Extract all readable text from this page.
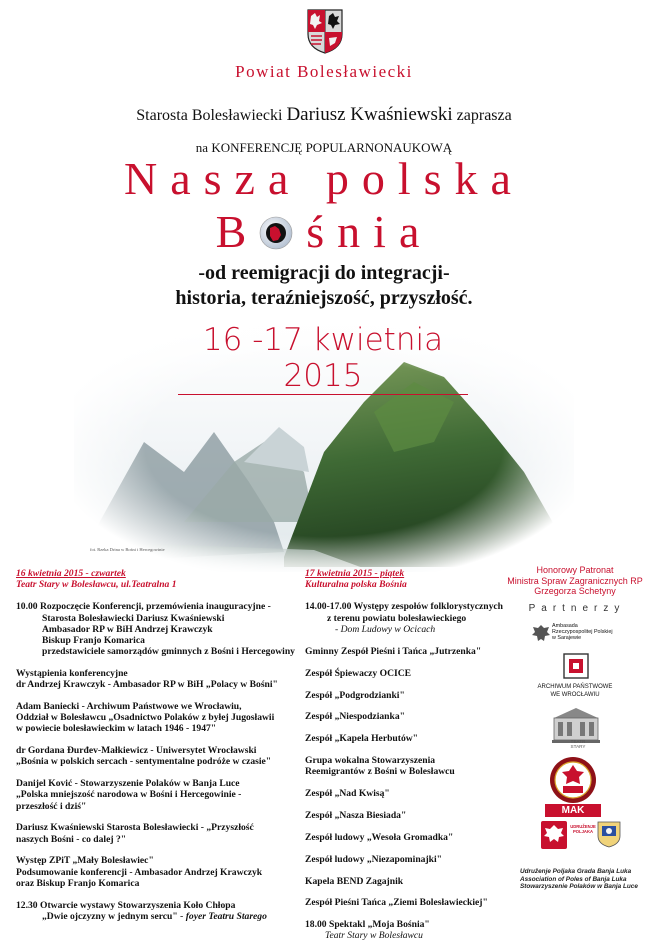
Powiat Bolesławiecki
Starosta Bolesławiecki Dariusz Kwaśniewski zaprasza
na KONFERENCJĘ POPULARNONAUKOWĄ
Nasza polska
B śnia
-od reemigracji do integracji-
historia, teraźniejszość, przyszłość.
16 -17 kwietnia 2015
fot. Rzeka Drina w Bośni i Hercegowinie
16 kwietnia 2015 - czwartek
Teatr Stary w Bolesławcu, ul.Teatralna 1

10.00 Rozpoczęcie Konferencji, przemówienia inauguracyjne -
Starosta Bolesławiecki Dariusz Kwaśniewski
Ambasador RP w BiH Andrzej Krawczyk
Biskup Franjo Komarica
przedstawiciele samorządów gminnych z Bośni i Hercegowiny

Wystąpienia konferencyjne
dr Andrzej Krawczyk - Ambasador RP w BiH „Polacy w Bośni"

Adam Baniecki - Archiwum Państwowe we Wrocławiu,
Oddział w Bolesławcu „Osadnictwo Polaków z byłej Jugosławii
w powiecie bolesławieckim w latach 1946 - 1947"

dr Gordana Đurđev-Małkiewicz - Uniwersytet Wrocławski
„Bośnia w polskich sercach - sentymentalne podróże w czasie"

Danijel Ković - Stowarzyszenie Polaków w Banja Luce
„Polska mniejszość narodowa w Bośni i Hercegowinie -
przeszłość i dziś"

Dariusz Kwaśniewski Starosta Bolesławiecki - „Przyszłość
naszych Bośni - co dalej ?"

Występ ZPiT „Mały Bolesławiec"
Podsumowanie konferencji - Ambasador Andrzej Krawczyk
oraz Biskup Franjo Komarica

12.30 Otwarcie wystawy Stowarzyszenia Koło Chłopa
„Dwie ojczyzny w jednym sercu" - foyer Teatru Starego
17 kwietnia 2015 - piątek
Kulturalna polska Bośnia
14.00-17.00 Występy zespołów folklorystycznych
z terenu powiatu bolesławieckiego
- Dom Ludowy w Ocicach

Gminny Zespół Pieśni i Tańca „Jutrzenka"

Zespół Śpiewaczy OCICE

Zespół „Podgrodzianki"

Zespół „Niespodzianka"

Zespół „Kapela Herbutów"

Grupa wokalna Stowarzyszenia
Reemigrantów z Bośni w Bolesławcu

Zespół „Nad Kwisą"

Zespół „Nasza Biesiada"

Zespół ludowy „Wesoła Gromadka"

Zespół ludowy „Niezapominajki"

Kapela BEND Zagajnik

Zespół Pieśni Tańca „Ziemi Bolesławieckiej"

18.00 Spektakl „Moja Bośnia"
Teatr Stary w Bolesławcu
Honorowy Patronat
Ministra Spraw Zagranicznych RP
Grzegorza Schetyny
Partnerzy
Ambasada
Rzeczypospolitej Polskiej
w Sarajewie
ARCHIWUM PAŃSTWOWE
WE WROCŁAWIU
TEATR
STARY
MAK
UDRUŽENJE
POLJAKA
Udruženje Poljaka Grada Banja Luka
Association of Poles of Banja Luka
Stowarzyszenie Polaków w Banja Luce
